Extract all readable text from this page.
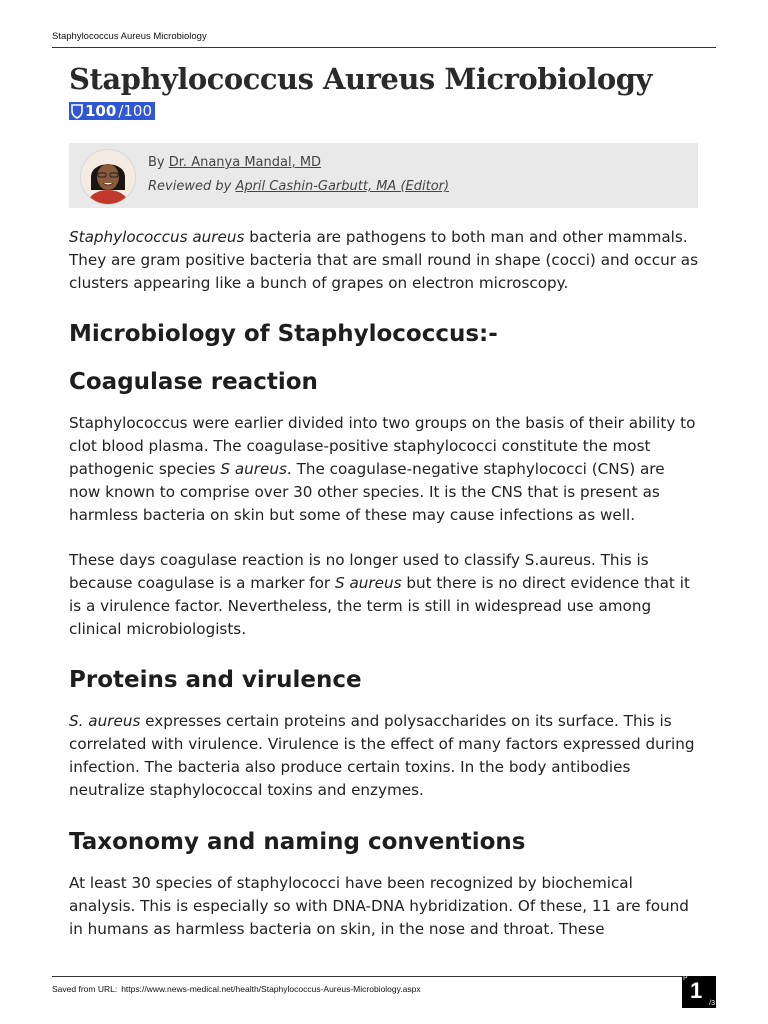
Staphylococcus Aureus Microbiology
Staphylococcus Aureus Microbiology
100 /100
By Dr. Ananya Mandal, MD
Reviewed by April Cashin-Garbutt, MA (Editor)

Staphylococcus aureus bacteria are pathogens to both man and other mammals. They are gram positive bacteria that are small round in shape (cocci) and occur as clusters appearing like a bunch of grapes on electron microscopy.

Microbiology of Staphylococcus:-
Coagulase reaction

Staphylococcus were earlier divided into two groups on the basis of their ability to clot blood plasma. The coagulase-positive staphylococci constitute the most pathogenic species S aureus. The coagulase-negative staphylococci (CNS) are now known to comprise over 30 other species. It is the CNS that is present as harmless bacteria on skin but some of these may cause infections as well.

These days coagulase reaction is no longer used to classify S.aureus. This is because coagulase is a marker for S aureus but there is no direct evidence that it is a virulence factor. Nevertheless, the term is still in widespread use among clinical microbiologists.

Proteins and virulence

S. aureus expresses certain proteins and polysaccharides on its surface. This is correlated with virulence. Virulence is the effect of many factors expressed during infection. The bacteria also produce certain toxins. In the body antibodies neutralize staphylococcal toxins and enzymes.

Taxonomy and naming conventions

At least 30 species of staphylococci have been recognized by biochemical analysis. This is especially so with DNA-DNA hybridization. Of these, 11 are found in humans as harmless bacteria on skin, in the nose and throat. These

Saved from URL: https://www.news-medical.net/health/Staphylococcus-Aureus-Microbiology.aspx
P 1
/3
